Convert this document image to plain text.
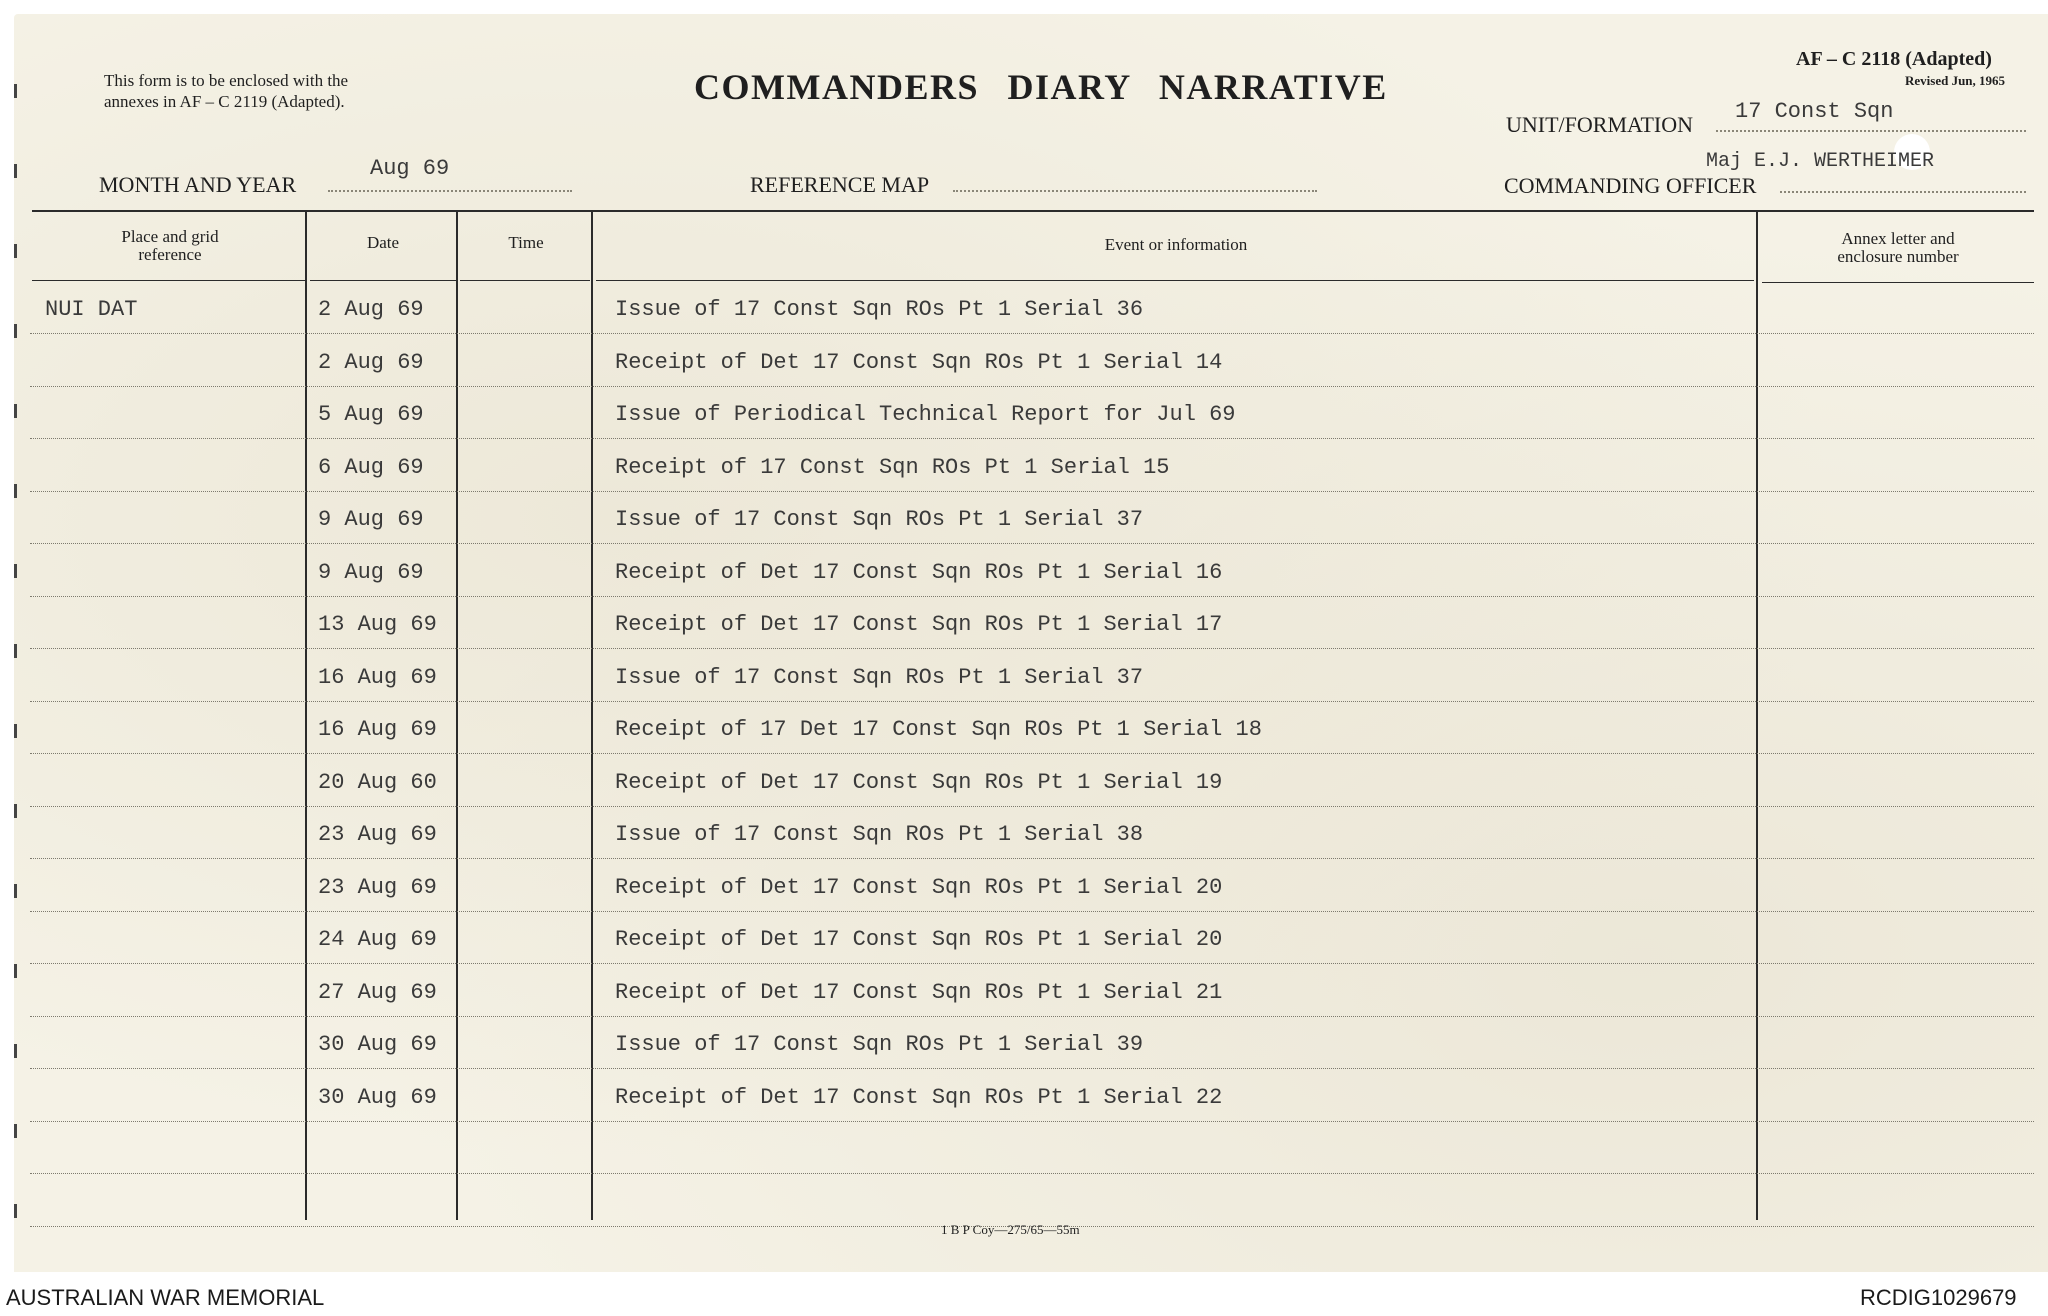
This form is to be enclosed with the
annexes in AF – C 2119 (Adapted).	COMMANDERS DIARY NARRATIVE
AF – C 2118 (Adapted)
Revised Jun, 1965
UNIT/FORMATION
17 Const Sqn
MONTH AND YEAR
Aug 69
REFERENCE MAP	COMMANDING OFFICER
Maj E.J. WERTHEIMER
Place and grid
reference
Date	Time	Event or information	Annex letter and
enclosure number
NUI DAT	2 Aug 69	Issue of 17 Const Sqn ROs Pt 1 Serial 36
2 Aug 69	Receipt of Det 17 Const Sqn ROs Pt 1 Serial 14
5 Aug 69	Issue of Periodical Technical Report for Jul 69
6 Aug 69	Receipt of 17 Const Sqn ROs Pt 1 Serial 15
9 Aug 69	Issue of 17 Const Sqn ROs Pt 1 Serial 37
9 Aug 69	Receipt of Det 17 Const Sqn ROs Pt 1 Serial 16
13 Aug 69	Receipt of Det 17 Const Sqn ROs Pt 1 Serial 17
16 Aug 69	Issue of 17 Const Sqn ROs Pt 1 Serial 37
16 Aug 69	Receipt of 17 Det 17 Const Sqn ROs Pt 1 Serial 18
20 Aug 60	Receipt of Det 17 Const Sqn ROs Pt 1 Serial 19
23 Aug 69	Issue of 17 Const Sqn ROs Pt 1 Serial 38
23 Aug 69	Receipt of Det 17 Const Sqn ROs Pt 1 Serial 20
24 Aug 69	Receipt of Det 17 Const Sqn ROs Pt 1 Serial 20
27 Aug 69	Receipt of Det 17 Const Sqn ROs Pt 1 Serial 21
30 Aug 69	Issue of 17 Const Sqn ROs Pt 1 Serial 39
30 Aug 69	Receipt of Det 17 Const Sqn ROs Pt 1 Serial 22
1 B P Coy—275/65—55m
AUSTRALIAN WAR MEMORIAL	RCDIG1029679
